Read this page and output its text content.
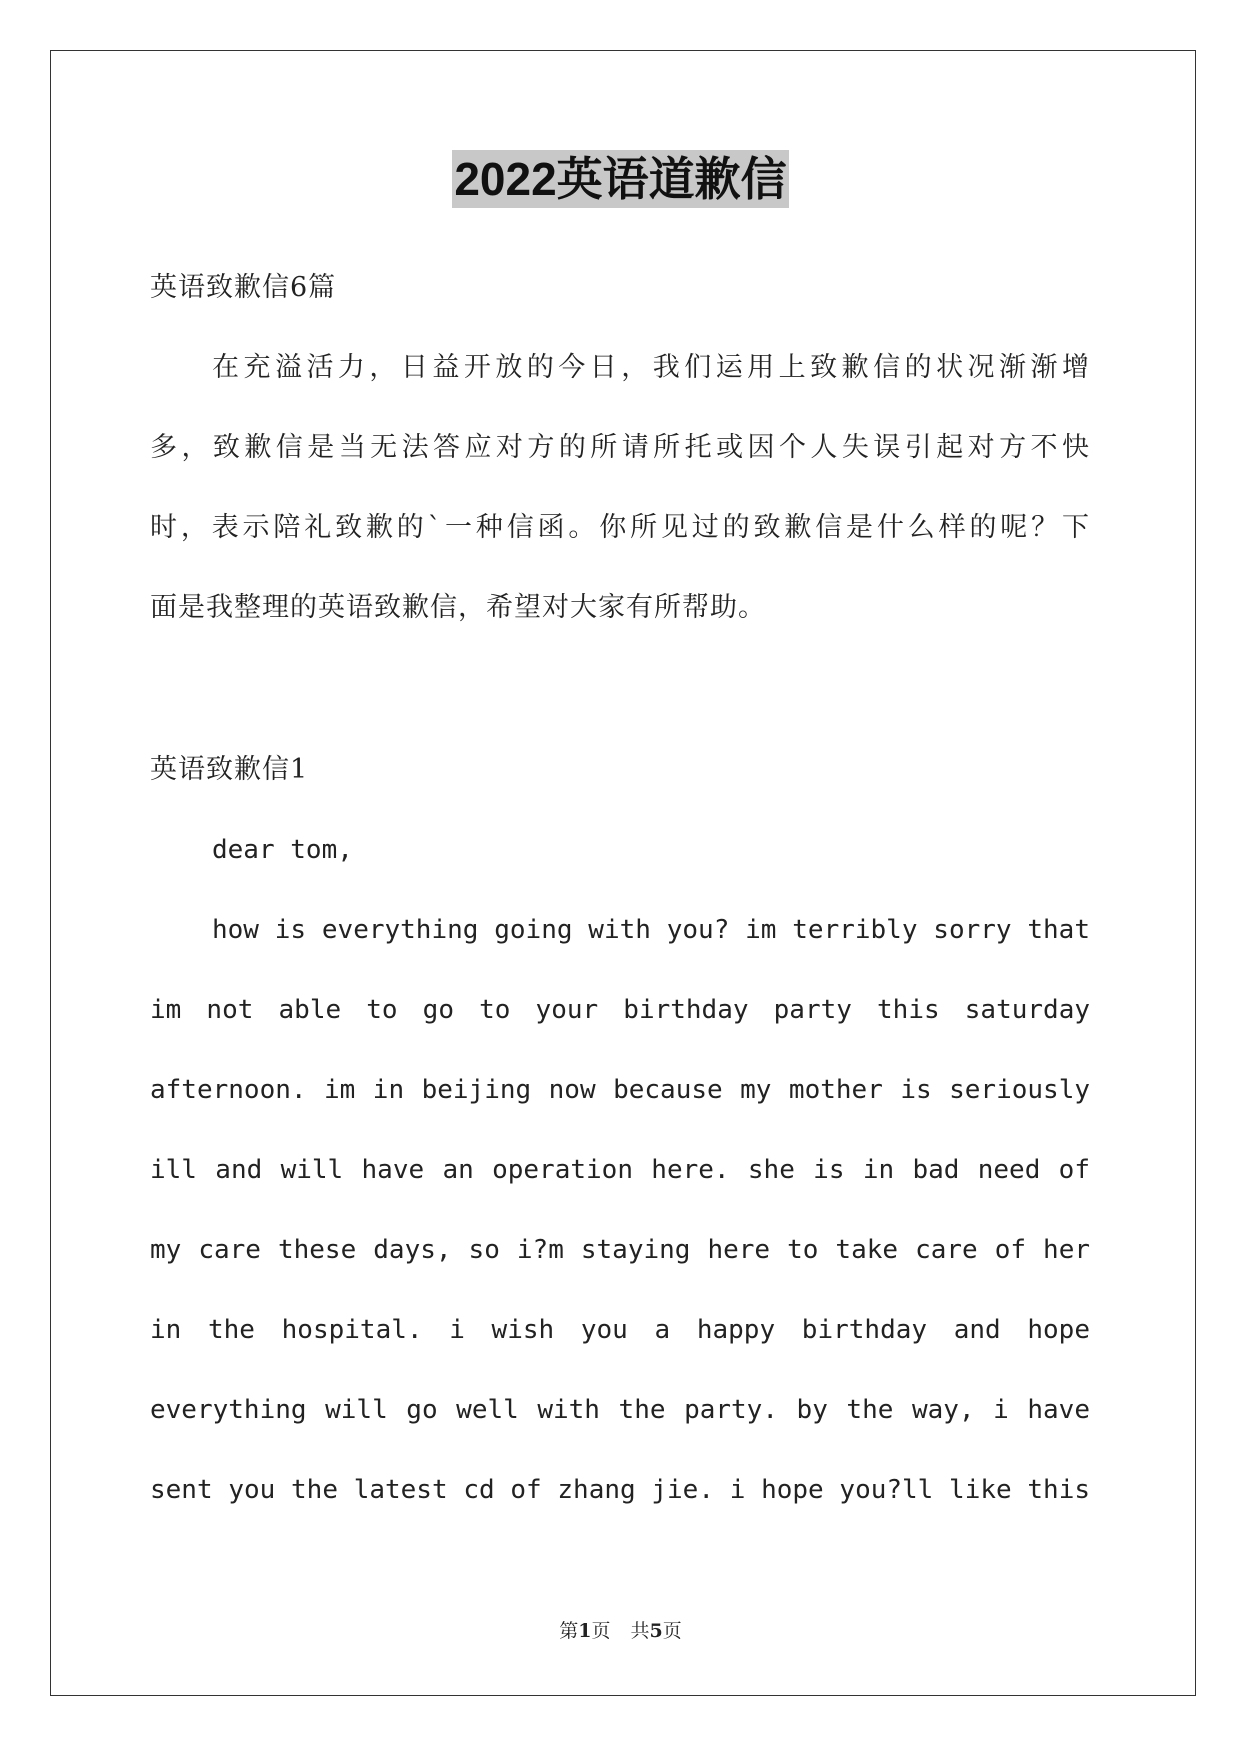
2022英语道歉信
英语致歉信6篇
在充溢活力，日益开放的今日，我们运用上致歉信的状况渐渐增
多，致歉信是当无法答应对方的所请所托或因个人失误引起对方不快
时，表示陪礼致歉的`一种信函。你所见过的致歉信是什么样的呢？下
面是我整理的英语致歉信，希望对大家有所帮助。
英语致歉信1
dear tom,
how is everything going with you? im terribly sorry that
im not able to go to your birthday party this saturday
afternoon. im in beijing now because my mother is seriously
ill and will have an operation here. she is in bad need of
my care these days, so i?m staying here to take care of her
in the hospital. i wish you a happy birthday and hope
everything will go well with the party. by the way, i have
sent you the latest cd of zhang jie. i hope you?ll like this
第1页 共5页
